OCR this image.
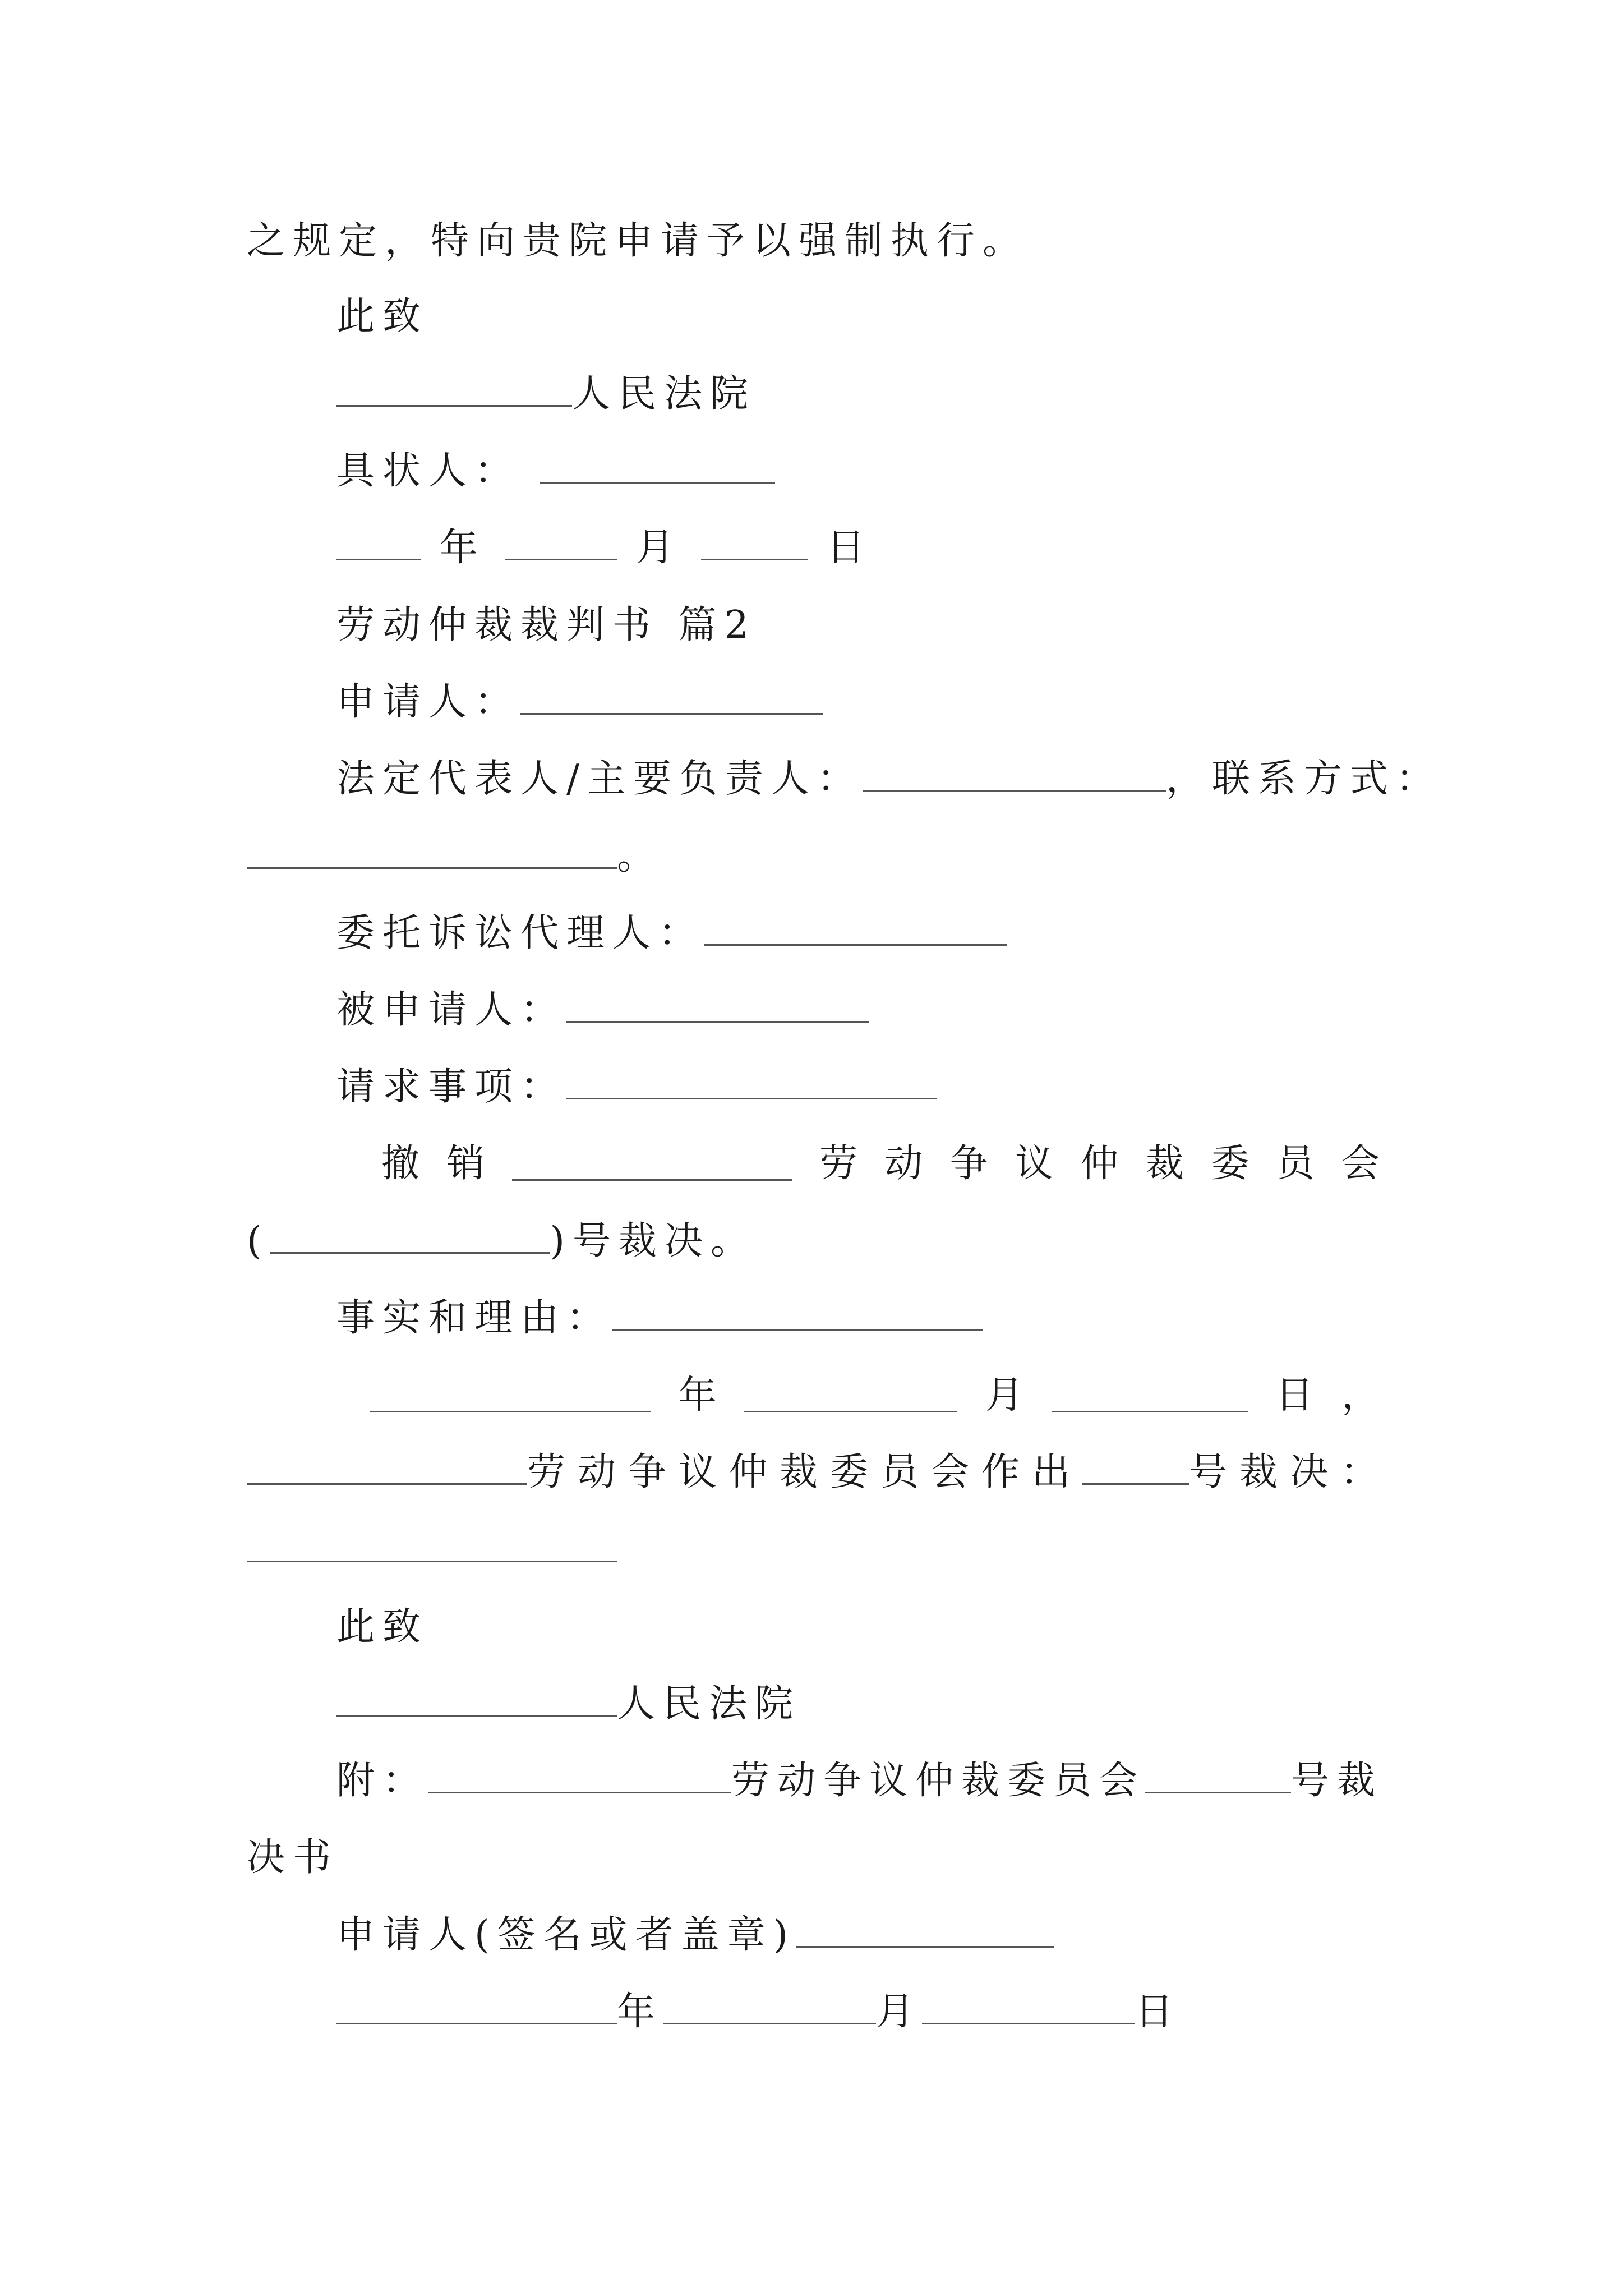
之规定，特向贵院申请予以强制执行。
此致
人民法院
具状人：
年	月	日
劳动仲裁裁判书 篇2
申请人：
法定代表人/主要负责人：	，联系方式：
。
委托诉讼代理人：
被申请人：
请求事项：
撤 销	劳 动 争 议 仲 裁 委 员 会
(	)号裁决。
事实和理由：
年	月	日 ，
劳动争议仲裁委员会作出	号裁决：
此致
人民法院
附：	劳动争议仲裁委员会	号裁
决书
申请人(签名或者盖章)
年	月	日
